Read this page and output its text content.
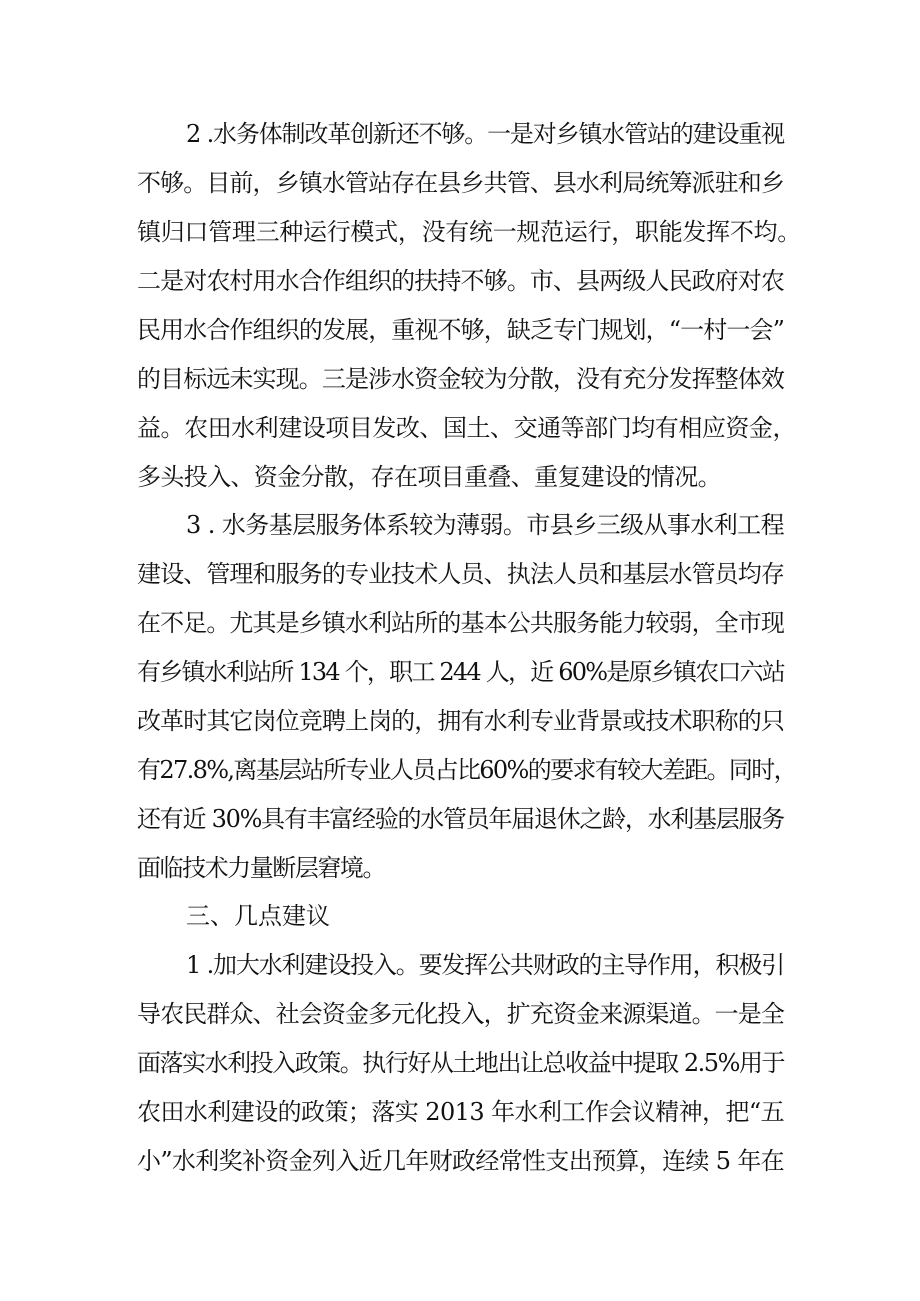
2 .水务体制改革创新还不够。一是对乡镇水管站的建设重视
不够。目前，乡镇水管站存在县乡共管、县水利局统筹派驻和乡
镇归口管理三种运行模式，没有统一规范运行，职能发挥不均。
二是对农村用水合作组织的扶持不够。市、县两级人民政府对农
民用水合作组织的发展，重视不够，缺乏专门规划，“一村一会”
的目标远未实现。三是涉水资金较为分散，没有充分发挥整体效
益。农田水利建设项目发改、国土、交通等部门均有相应资金，
多头投入、资金分散，存在项目重叠、重复建设的情况。
3 . 水务基层服务体系较为薄弱。市县乡三级从事水利工程
建设、管理和服务的专业技术人员、执法人员和基层水管员均存
在不足。尤其是乡镇水利站所的基本公共服务能力较弱，全市现
有乡镇水利站所 134 个，职工 244 人，近 60%是原乡镇农口六站
改革时其它岗位竞聘上岗的，拥有水利专业背景或技术职称的只
有27.8%,离基层站所专业人员占比60%的要求有较大差距。同时，
还有近 30%具有丰富经验的水管员年届退休之龄，水利基层服务
面临技术力量断层窘境。
三、几点建议
1 .加大水利建设投入。要发挥公共财政的主导作用，积极引
导农民群众、社会资金多元化投入，扩充资金来源渠道。一是全
面落实水利投入政策。执行好从土地出让总收益中提取 2.5%用于
农田水利建设的政策；落实 2013 年水利工作会议精神，把“五
小”水利奖补资金列入近几年财政经常性支出预算，连续 5 年在
